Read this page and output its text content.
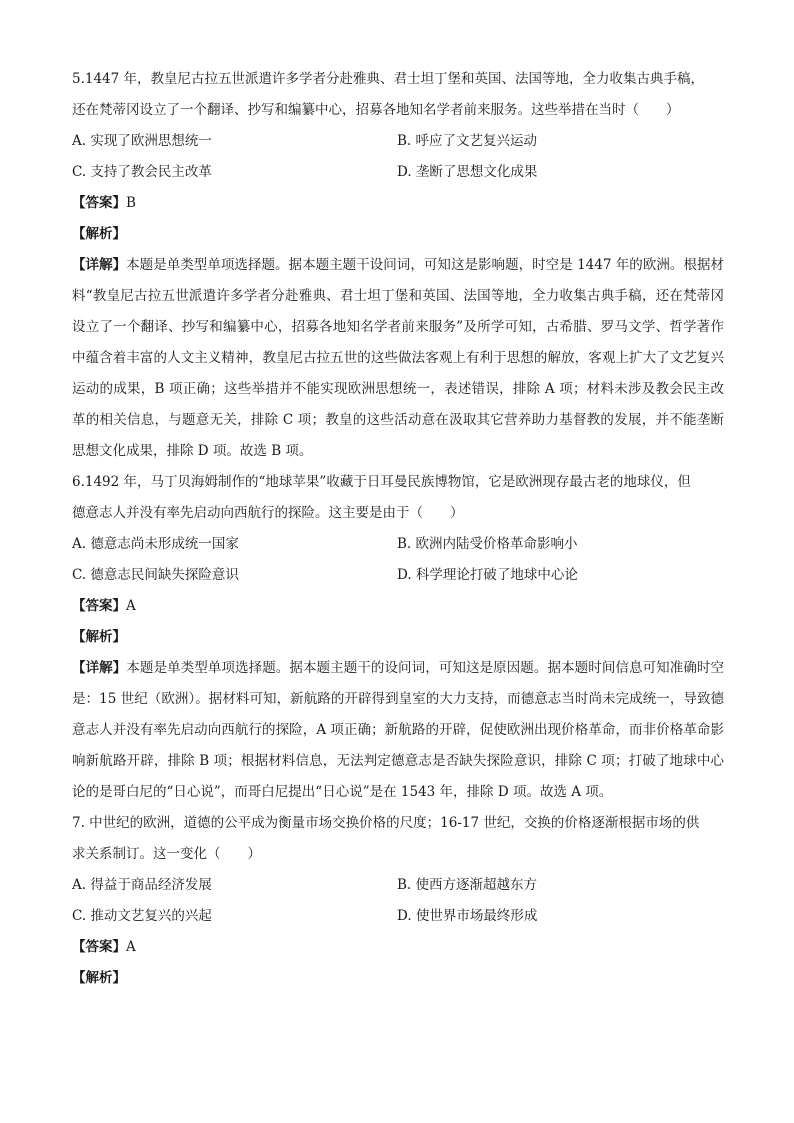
5.1447 年，教皇尼古拉五世派遣许多学者分赴雅典、君士坦丁堡和英国、法国等地，全力收集古典手稿，
还在梵蒂冈设立了一个翻译、抄写和编纂中心，招募各地知名学者前来服务。这些举措在当时（　　）
A. 实现了欧洲思想统一	B. 呼应了文艺复兴运动
C. 支持了教会民主改革	D. 垄断了思想文化成果
【答案】B
【解析】

【详解】本题是单类型单项选择题。据本题主题干设问词，可知这是影响题，时空是 1447 年的欧洲。根据材料“教皇尼古拉五世派遣许多学者分赴雅典、君士坦丁堡和英国、法国等地，全力收集古典手稿，还在梵蒂冈设立了一个翻译、抄写和编纂中心，招募各地知名学者前来服务”及所学可知，古希腊、罗马文学、哲学著作中蕴含着丰富的人文主义精神，教皇尼古拉五世的这些做法客观上有利于思想的解放，客观上扩大了文艺复兴运动的成果，B 项正确；这些举措并不能实现欧洲思想统一，表述错误，排除 A 项；材料未涉及教会民主改革的相关信息，与题意无关，排除 C 项；教皇的这些活动意在汲取其它营养助力基督教的发展，并不能垄断思想文化成果，排除 D 项。故选 B 项。

6.1492 年，马丁贝海姆制作的“地球苹果”收藏于日耳曼民族博物馆，它是欧洲现存最古老的地球仪，但
德意志人并没有率先启动向西航行的探险。这主要是由于（　　）
A. 德意志尚未形成统一国家	B. 欧洲内陆受价格革命影响小
C. 德意志民间缺失探险意识	D. 科学理论打破了地球中心论
【答案】A
【解析】

【详解】本题是单类型单项选择题。据本题主题干的设问词，可知这是原因题。据本题时间信息可知准确时空是：15 世纪（欧洲）。据材料可知，新航路的开辟得到皇室的大力支持，而德意志当时尚未完成统一，导致德意志人并没有率先启动向西航行的探险，A 项正确；新航路的开辟，促使欧洲出现价格革命，而非价格革命影响新航路开辟，排除 B 项；根据材料信息，无法判定德意志是否缺失探险意识，排除 C 项；打破了地球中心论的是哥白尼的“日心说”，而哥白尼提出“日心说”是在 1543 年，排除 D 项。故选 A 项。

7. 中世纪的欧洲，道德的公平成为衡量市场交换价格的尺度；16-17 世纪，交换的价格逐渐根据市场的供
求关系制订。这一变化（　　）
A. 得益于商品经济发展	B. 使西方逐渐超越东方
C. 推动文艺复兴的兴起	D. 使世界市场最终形成
【答案】A
【解析】
